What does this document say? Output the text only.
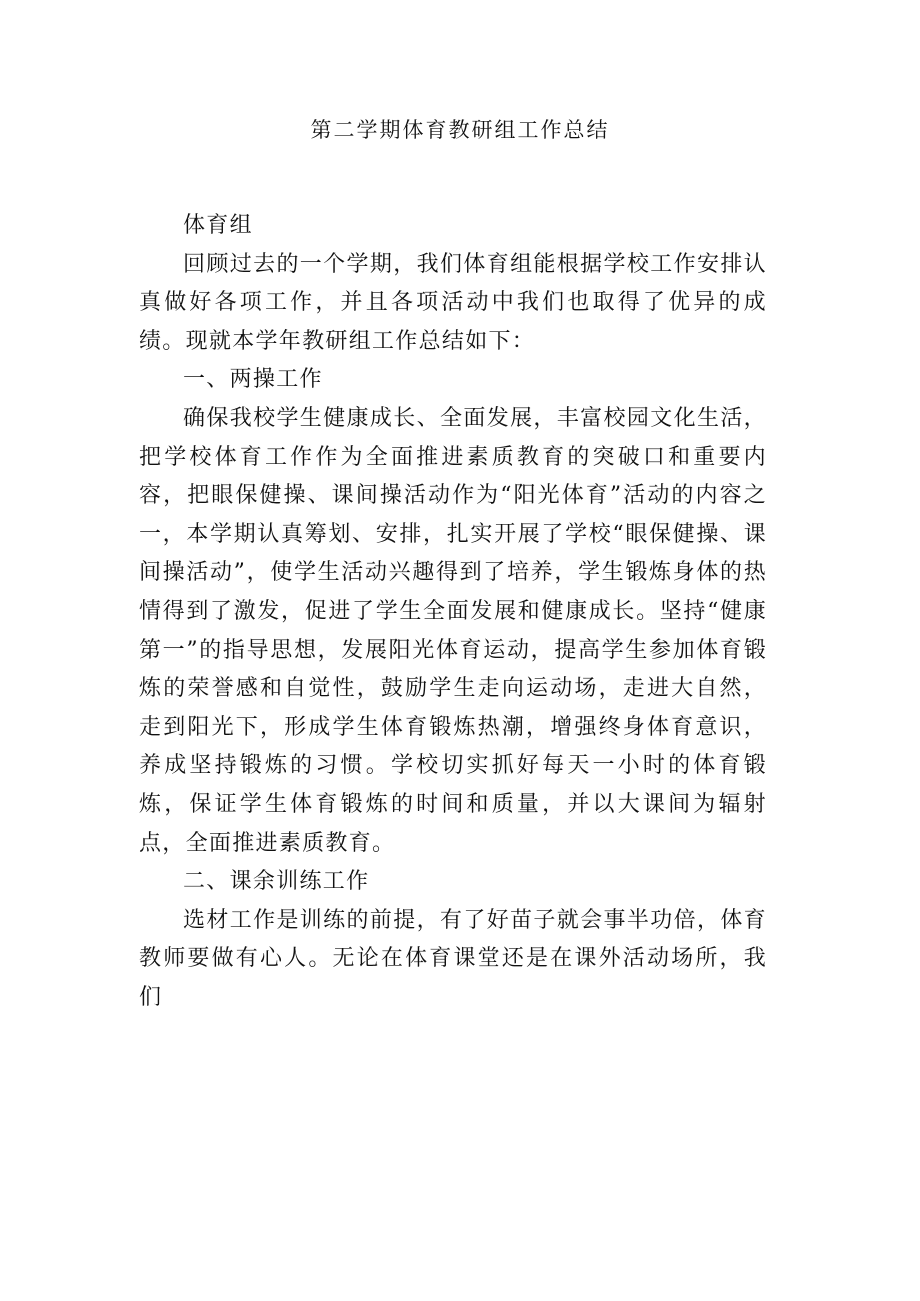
第二学期体育教研组工作总结

体育组

回顾过去的一个学期，我们体育组能根据学校工作安排认真做好各项工作，并且各项活动中我们也取得了优异的成绩。现就本学年教研组工作总结如下：

一、两操工作

确保我校学生健康成长、全面发展，丰富校园文化生活，把学校体育工作作为全面推进素质教育的突破口和重要内容，把眼保健操、课间操活动作为“阳光体育”活动的内容之一，本学期认真筹划、安排，扎实开展了学校“眼保健操、课间操活动”，使学生活动兴趣得到了培养，学生锻炼身体的热情得到了激发，促进了学生全面发展和健康成长。坚持“健康第一”的指导思想，发展阳光体育运动，提高学生参加体育锻炼的荣誉感和自觉性，鼓励学生走向运动场，走进大自然，走到阳光下，形成学生体育锻炼热潮，增强终身体育意识，养成坚持锻炼的习惯。学校切实抓好每天一小时的体育锻炼，保证学生体育锻炼的时间和质量，并以大课间为辐射点，全面推进素质教育。

二、课余训练工作

选材工作是训练的前提，有了好苗子就会事半功倍，体育教师要做有心人。无论在体育课堂还是在课外活动场所，我们
